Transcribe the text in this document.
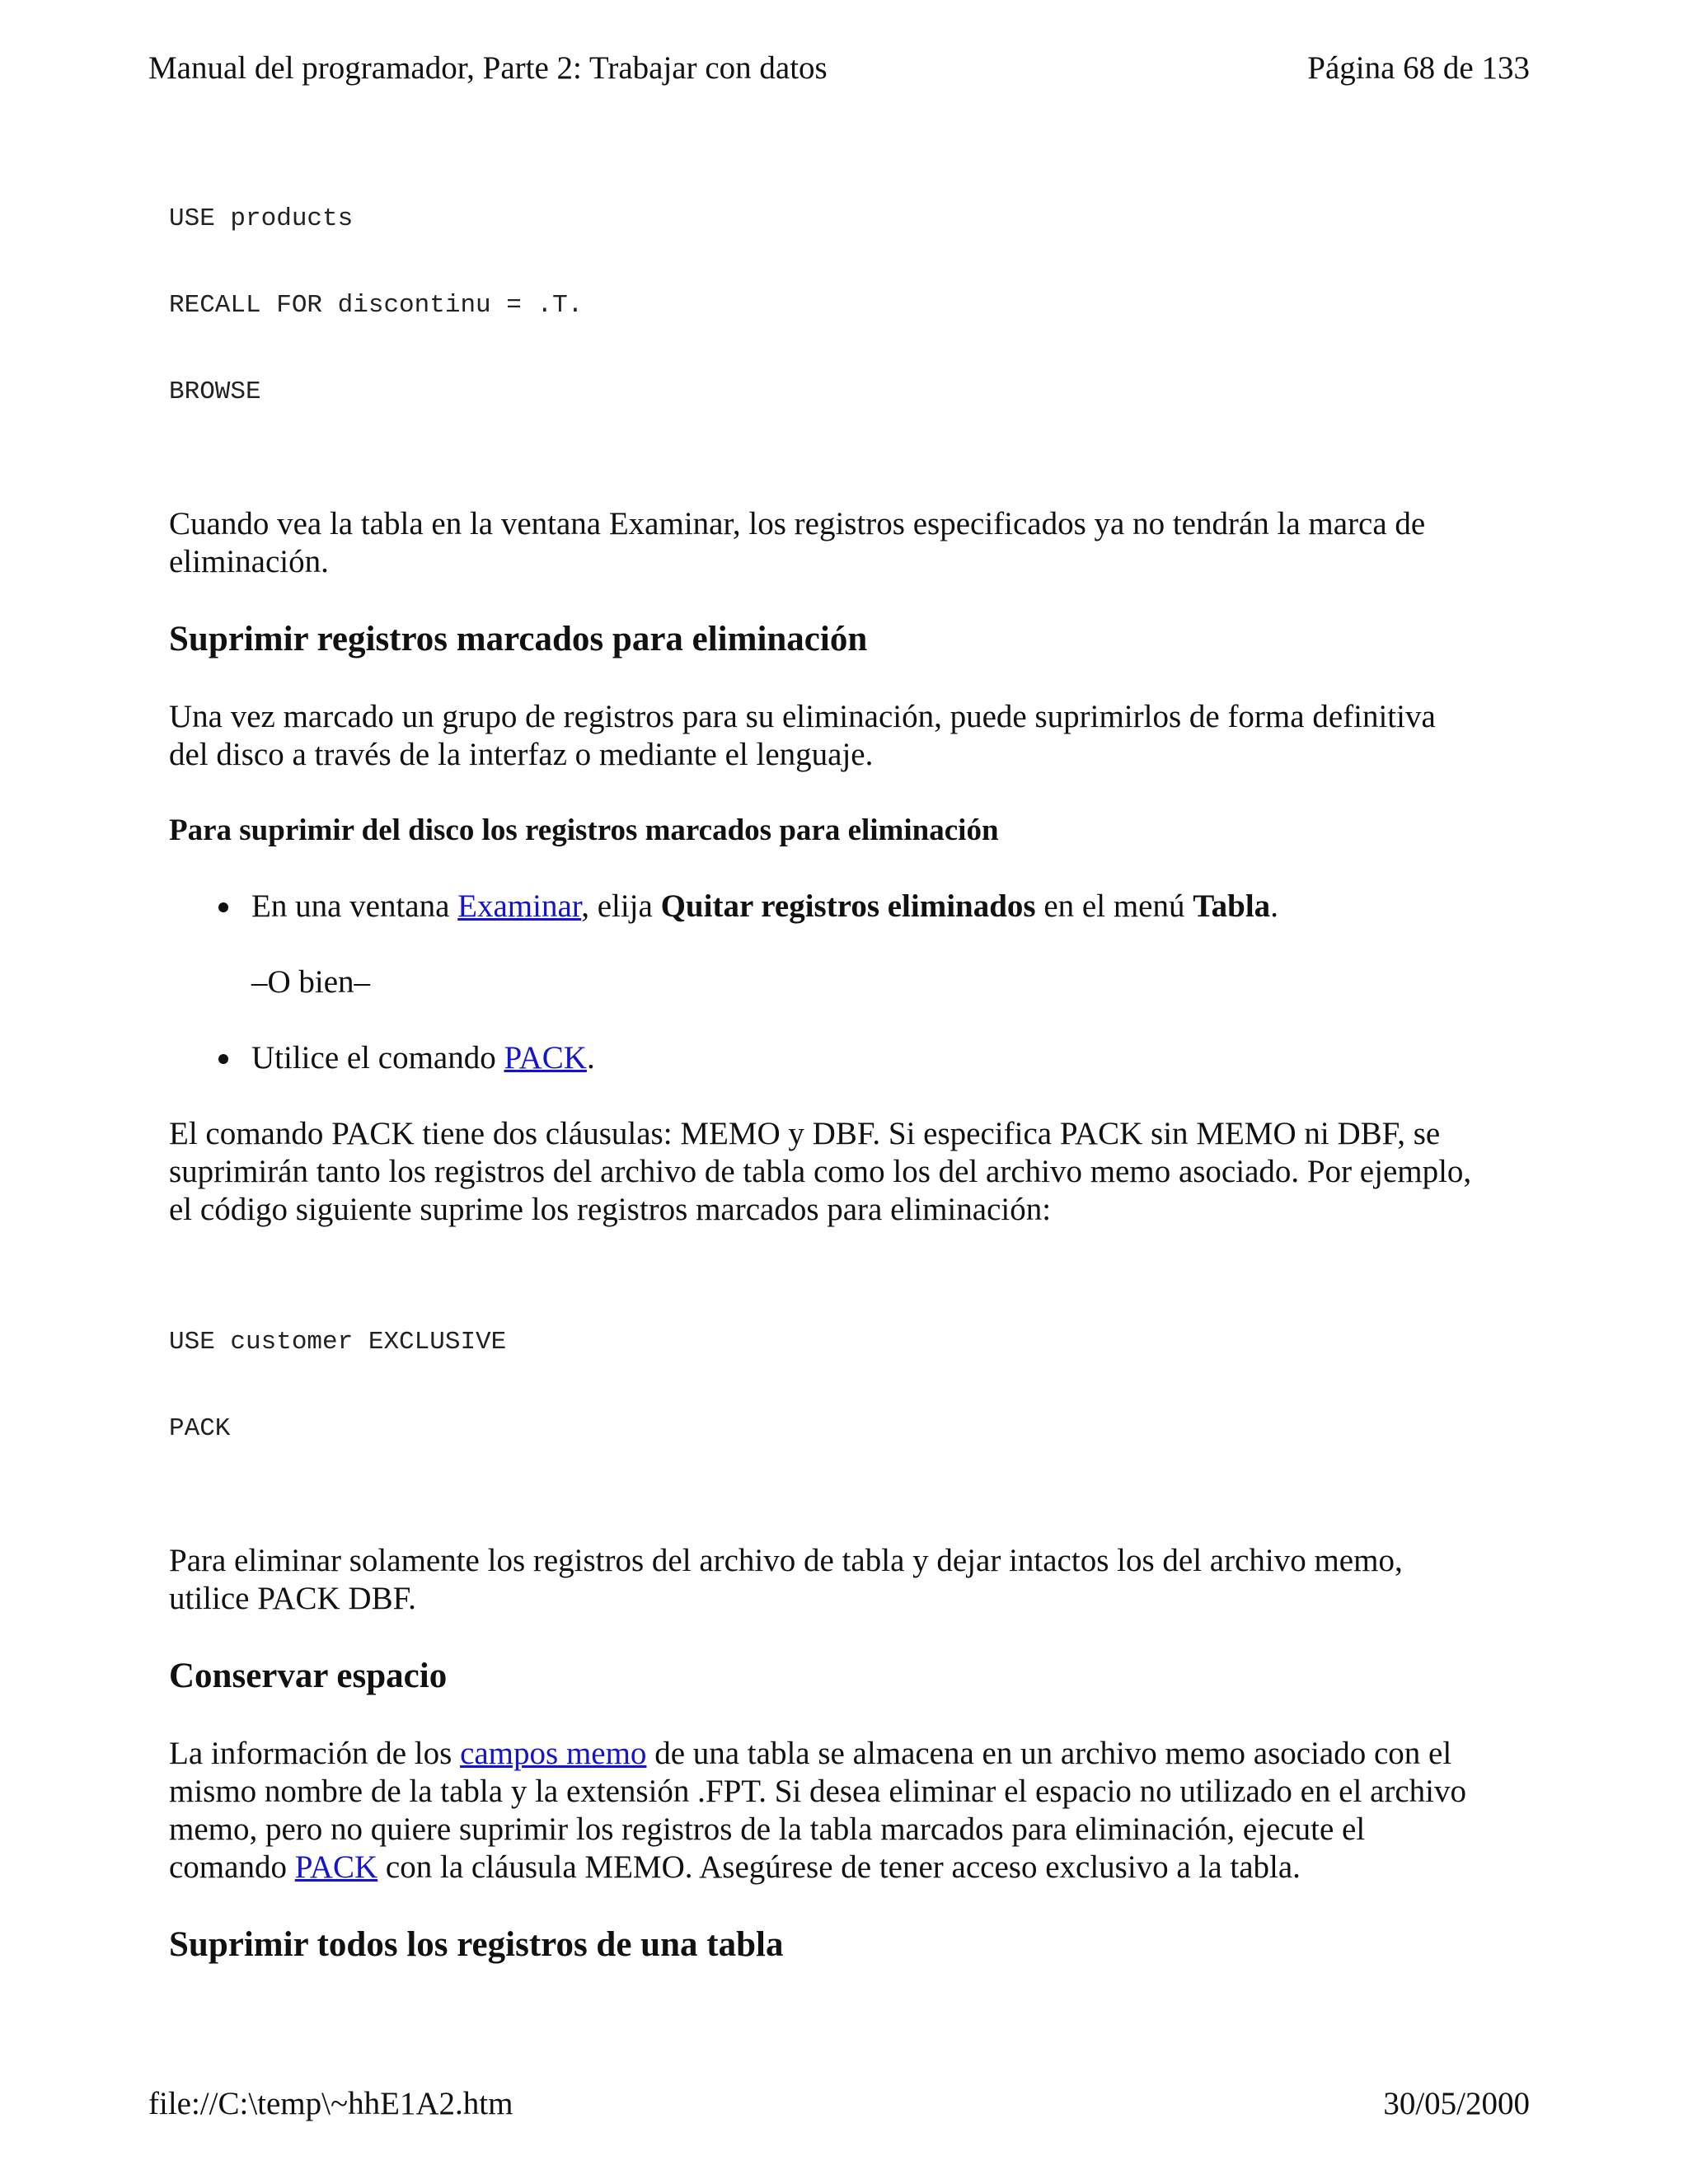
Manual del programador, Parte 2: Trabajar con datos	Página 68 de 133

USE products

RECALL FOR discontinu = .T.

BROWSE

Cuando vea la tabla en la ventana Examinar, los registros especificados ya no tendrán la marca de
eliminación.
Suprimir registros marcados para eliminación
Una vez marcado un grupo de registros para su eliminación, puede suprimirlos de forma definitiva
del disco a través de la interfaz o mediante el lenguaje.
Para suprimir del disco los registros marcados para eliminación
En una ventana Examinar, elija Quitar registros eliminados en el menú Tabla.
–O bien–
Utilice el comando PACK.
El comando PACK tiene dos cláusulas: MEMO y DBF. Si especifica PACK sin MEMO ni DBF, se
suprimirán tanto los registros del archivo de tabla como los del archivo memo asociado. Por ejemplo,
el código siguiente suprime los registros marcados para eliminación:

USE customer EXCLUSIVE

PACK

Para eliminar solamente los registros del archivo de tabla y dejar intactos los del archivo memo,
utilice PACK DBF.
Conservar espacio
La información de los campos memo de una tabla se almacena en un archivo memo asociado con el
mismo nombre de la tabla y la extensión .FPT. Si desea eliminar el espacio no utilizado en el archivo
memo, pero no quiere suprimir los registros de la tabla marcados para eliminación, ejecute el
comando PACK con la cláusula MEMO. Asegúrese de tener acceso exclusivo a la tabla.
Suprimir todos los registros de una tabla
file://C:\temp\~hhE1A2.htm	30/05/2000
